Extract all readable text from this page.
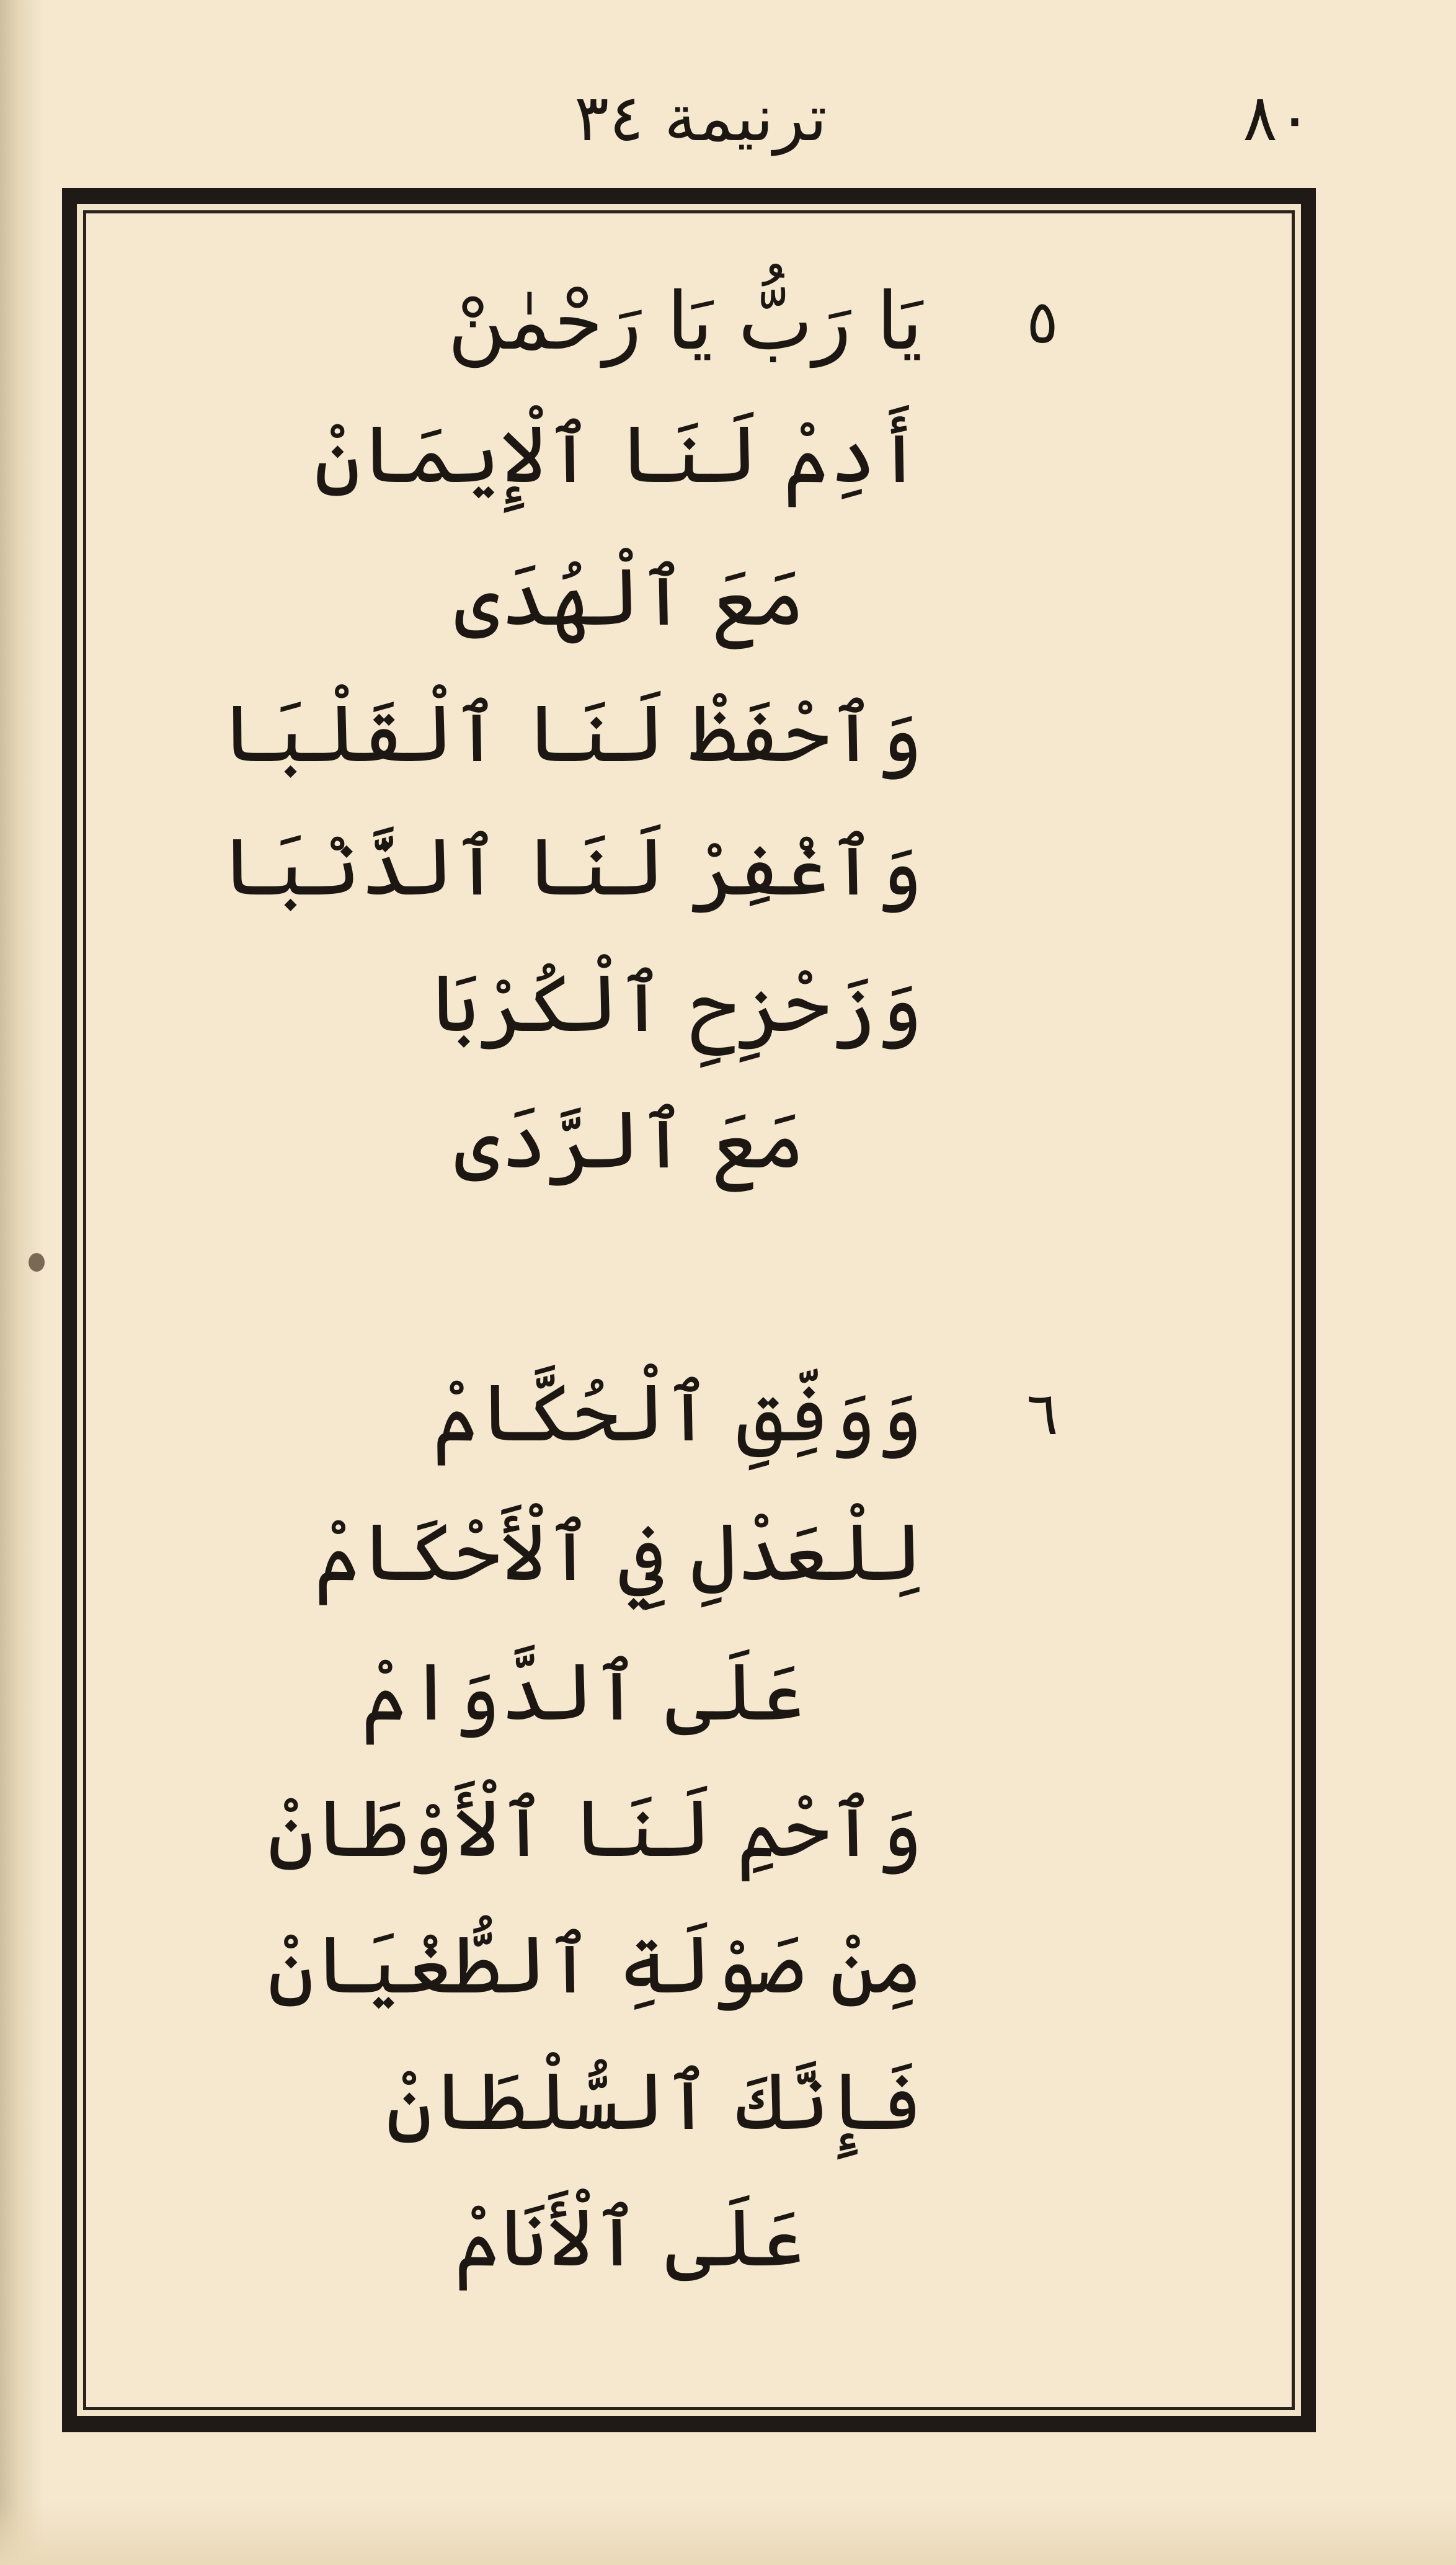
ترنيمة ٣٤	٨٠
٥
يَا رَبُّ يَا رَحْمٰنْ
أَدِمْ لَنَا ٱلْإِيمَانْ
مَعَ ٱلْهُدَى
وَٱحْفَظْ لَنَا ٱلْقَلْبَا
وَٱغْفِرْ لَنَا ٱلذَّنْبَا
وَزَحْزِحِ ٱلْكُرْبَا
مَعَ ٱلرَّدَى
٦
وَوَفِّقِ ٱلْحُكَّامْ
لِلْعَدْلِ فِي ٱلْأَحْكَامْ
عَلَى ٱلدَّوَامْ
وَٱحْمِ لَنَا ٱلْأَوْطَانْ
مِنْ صَوْلَةِ ٱلطُّغْيَانْ
فَإِنَّكَ ٱلسُّلْطَانْ
عَلَى ٱلْأَنَامْ
